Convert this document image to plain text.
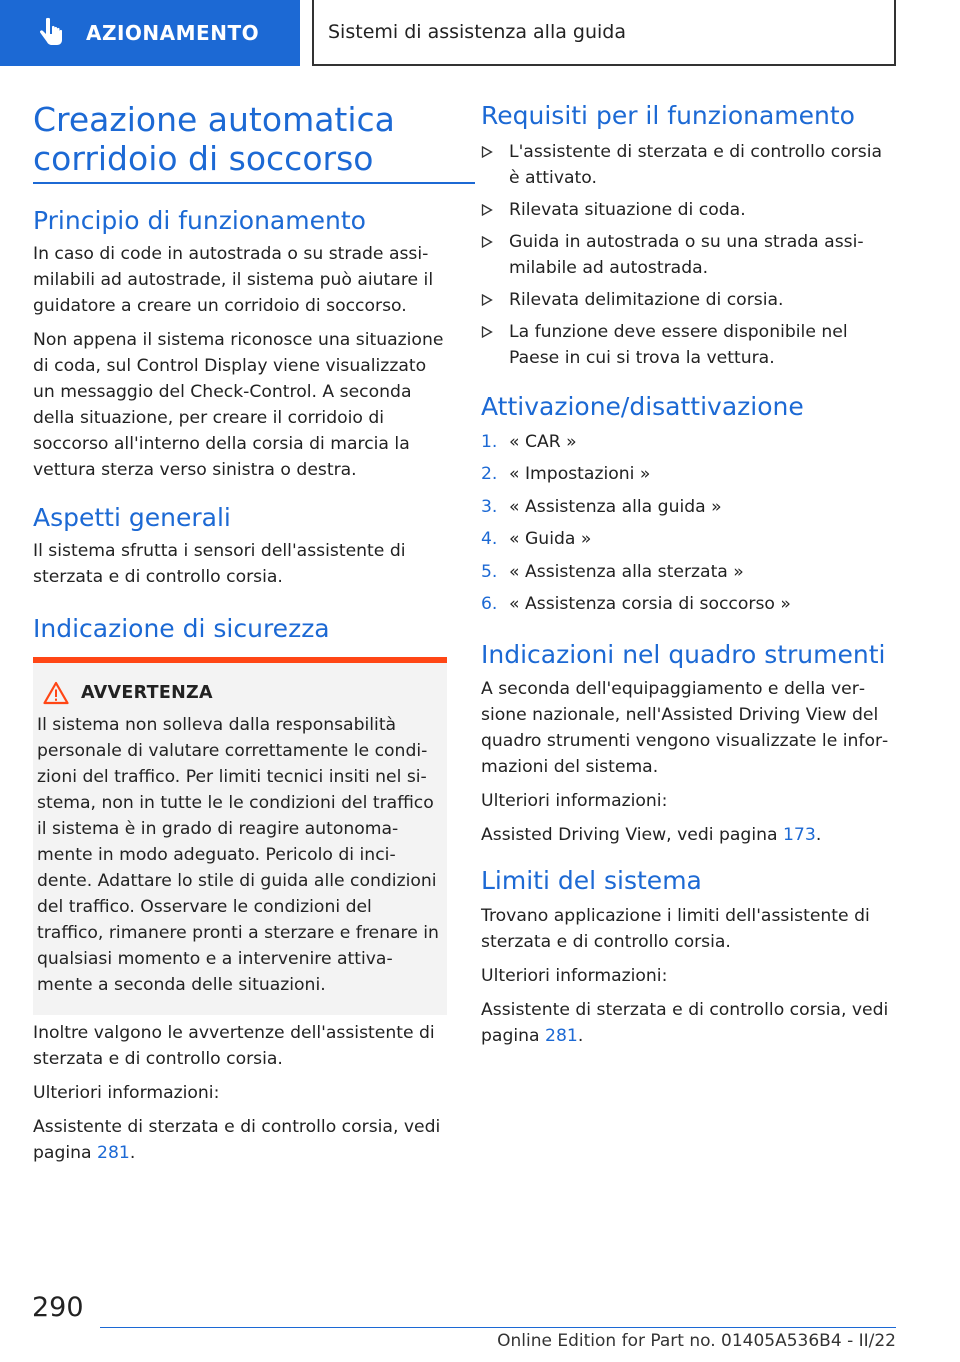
AZIONAMENTO	Sistemi di assistenza alla guida
Creazione automatica corridoio di soccorso
Principio di funzionamento

In caso di code in autostrada o su strade assimilabili ad autostrade, il sistema può aiutare il guidatore a creare un corridoio di soccorso.

Non appena il sistema riconosce una situazione di coda, sul Control Display viene visualizzato un messaggio del Check-Control. A seconda della situazione, per creare il corridoio di soccorso all'interno della corsia di marcia la vettura sterza verso sinistra o destra.

Aspetti generali

Il sistema sfrutta i sensori dell'assistente di sterzata e di controllo corsia.

Indicazione di sicurezza
AVVERTENZA
Il sistema non solleva dalla responsabilità personale di valutare correttamente le condizioni del traffico. Per limiti tecnici insiti nel sistema, non in tutte le le condizioni del traffico il sistema è in grado di reagire autonomamente in modo adeguato. Pericolo di incidente. Adattare lo stile di guida alle condizioni del traffico. Osservare le condizioni del traffico, rimanere pronti a sterzare e frenare in qualsiasi momento e a intervenire attivamente a seconda delle situazioni.

Inoltre valgono le avvertenze dell'assistente di sterzata e di controllo corsia.

Ulteriori informazioni:

Assistente di sterzata e di controllo corsia, vedi pagina 281.

Requisiti per il funzionamento
L'assistente di sterzata e di controllo corsia è attivato.
Rilevata situazione di coda.
Guida in autostrada o su una strada assimilabile ad autostrada.
Rilevata delimitazione di corsia.
La funzione deve essere disponibile nel Paese in cui si trova la vettura.
Attivazione/disattivazione
1. « CAR »
2. « Impostazioni »
3. « Assistenza alla guida »
4. « Guida »
5. « Assistenza alla sterzata »
6. « Assistenza corsia di soccorso »
Indicazioni nel quadro strumenti

A seconda dell'equipaggiamento e della versione nazionale, nell'Assisted Driving View del quadro strumenti vengono visualizzate le informazioni del sistema.

Ulteriori informazioni:

Assisted Driving View, vedi pagina 173.

Limiti del sistema

Trovano applicazione i limiti dell'assistente di sterzata e di controllo corsia.

Ulteriori informazioni:

Assistente di sterzata e di controllo corsia, vedi pagina 281.

290
Online Edition for Part no. 01405A536B4 - II/22
